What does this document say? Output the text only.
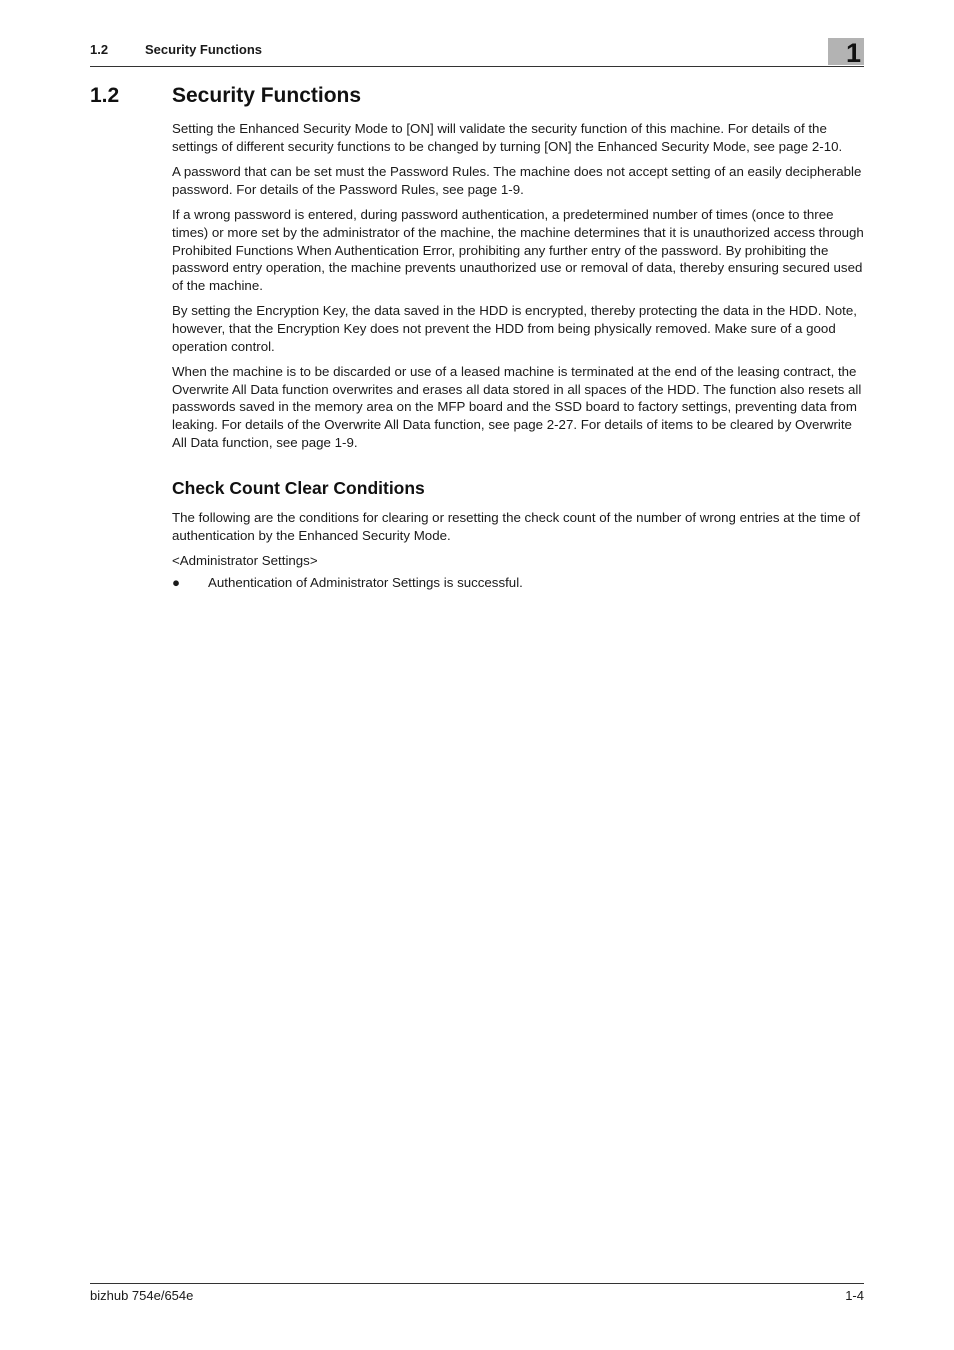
1.2	Security Functions	1
1.2	Security Functions

Setting the Enhanced Security Mode to [ON] will validate the security function of this machine. For details of the settings of different security functions to be changed by turning [ON] the Enhanced Security Mode, see page 2-10.

A password that can be set must the Password Rules. The machine does not accept setting of an easily decipherable password. For details of the Password Rules, see page 1-9.

If a wrong password is entered, during password authentication, a predetermined number of times (once to three times) or more set by the administrator of the machine, the machine determines that it is unauthorized access through Prohibited Functions When Authentication Error, prohibiting any further entry of the password. By prohibiting the password entry operation, the machine prevents unauthorized use or removal of data, thereby ensuring secured used of the machine.

By setting the Encryption Key, the data saved in the HDD is encrypted, thereby protecting the data in the HDD. Note, however, that the Encryption Key does not prevent the HDD from being physically removed. Make sure of a good operation control.

When the machine is to be discarded or use of a leased machine is terminated at the end of the leasing contract, the Overwrite All Data function overwrites and erases all data stored in all spaces of the HDD. The function also resets all passwords saved in the memory area on the MFP board and the SSD board to factory settings, preventing data from leaking. For details of the Overwrite All Data function, see page 2-27. For details of items to be cleared by Overwrite All Data function, see page 1-9.

Check Count Clear Conditions

The following are the conditions for clearing or resetting the check count of the number of wrong entries at the time of authentication by the Enhanced Security Mode.

<Administrator Settings>

● Authentication of Administrator Settings is successful.
bizhub 754e/654e	1-4
